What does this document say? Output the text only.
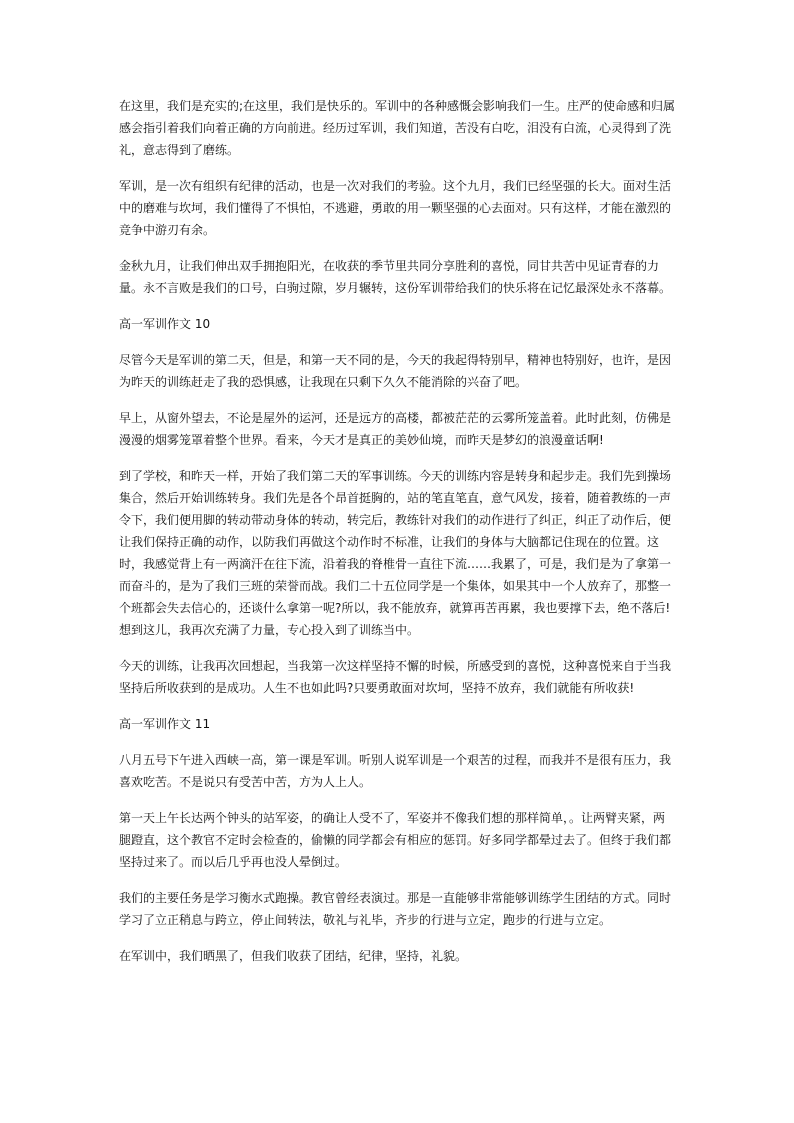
在这里，我们是充实的;在这里，我们是快乐的。军训中的各种感慨会影响我们一生。庄严的使命感和归属感会指引着我们向着正确的方向前进。经历过军训，我们知道，苦没有白吃，泪没有白流，心灵得到了洗礼，意志得到了磨练。

军训，是一次有组织有纪律的活动，也是一次对我们的考验。这个九月，我们已经坚强的长大。面对生活中的磨难与坎坷，我们懂得了不惧怕，不逃避，勇敢的用一颗坚强的心去面对。只有这样，才能在激烈的竞争中游刃有余。

金秋九月，让我们伸出双手拥抱阳光，在收获的季节里共同分享胜利的喜悦，同甘共苦中见证青春的力量。永不言败是我们的口号，白驹过隙，岁月辗转，这份军训带给我们的快乐将在记忆最深处永不落幕。

高一军训作文 10

尽管今天是军训的第二天，但是，和第一天不同的是，今天的我起得特别早，精神也特别好，也许，是因为昨天的训练赶走了我的恐惧感，让我现在只剩下久久不能消除的兴奋了吧。

早上，从窗外望去，不论是屋外的运河，还是远方的高楼，都被茫茫的云雾所笼盖着。此时此刻，仿佛是漫漫的烟雾笼罩着整个世界。看来，今天才是真正的美妙仙境，而昨天是梦幻的浪漫童话啊!

到了学校，和昨天一样，开始了我们第二天的军事训练。今天的训练内容是转身和起步走。我们先到操场集合，然后开始训练转身。我们先是各个昂首挺胸的，站的笔直笔直，意气风发，接着，随着教练的一声令下，我们便用脚的转动带动身体的转动，转完后，教练针对我们的动作进行了纠正，纠正了动作后，便让我们保持正确的动作，以防我们再做这个动作时不标准，让我们的身体与大脑都记住现在的位置。这时，我感觉背上有一两滴汗在往下流，沿着我的脊椎骨一直往下流……我累了，可是，我们是为了拿第一而奋斗的，是为了我们三班的荣誉而战。我们二十五位同学是一个集体，如果其中一个人放弃了，那整一个班都会失去信心的，还谈什么拿第一呢?所以，我不能放弃，就算再苦再累，我也要撑下去，绝不落后!想到这儿，我再次充满了力量，专心投入到了训练当中。

今天的训练，让我再次回想起，当我第一次这样坚持不懈的时候，所感受到的喜悦，这种喜悦来自于当我坚持后所收获到的是成功。人生不也如此吗?只要勇敢面对坎坷，坚持不放弃，我们就能有所收获!

高一军训作文 11

八月五号下午进入西峡一高，第一课是军训。听别人说军训是一个艰苦的过程，而我并不是很有压力，我喜欢吃苦。不是说只有受苦中苦，方为人上人。

第一天上午长达两个钟头的站军姿，的确让人受不了，军姿并不像我们想的那样简单，。让两臂夹紧，两腿蹬直，这个教官不定时会检查的，偷懒的同学都会有相应的惩罚。好多同学都晕过去了。但终于我们都坚持过来了。而以后几乎再也没人晕倒过。

我们的主要任务是学习衡水式跑操。教官曾经表演过。那是一直能够非常能够训练学生团结的方式。同时学习了立正稍息与跨立，停止间转法，敬礼与礼毕，齐步的行进与立定，跑步的行进与立定。

在军训中，我们晒黑了，但我们收获了团结，纪律，坚持，礼貌。
